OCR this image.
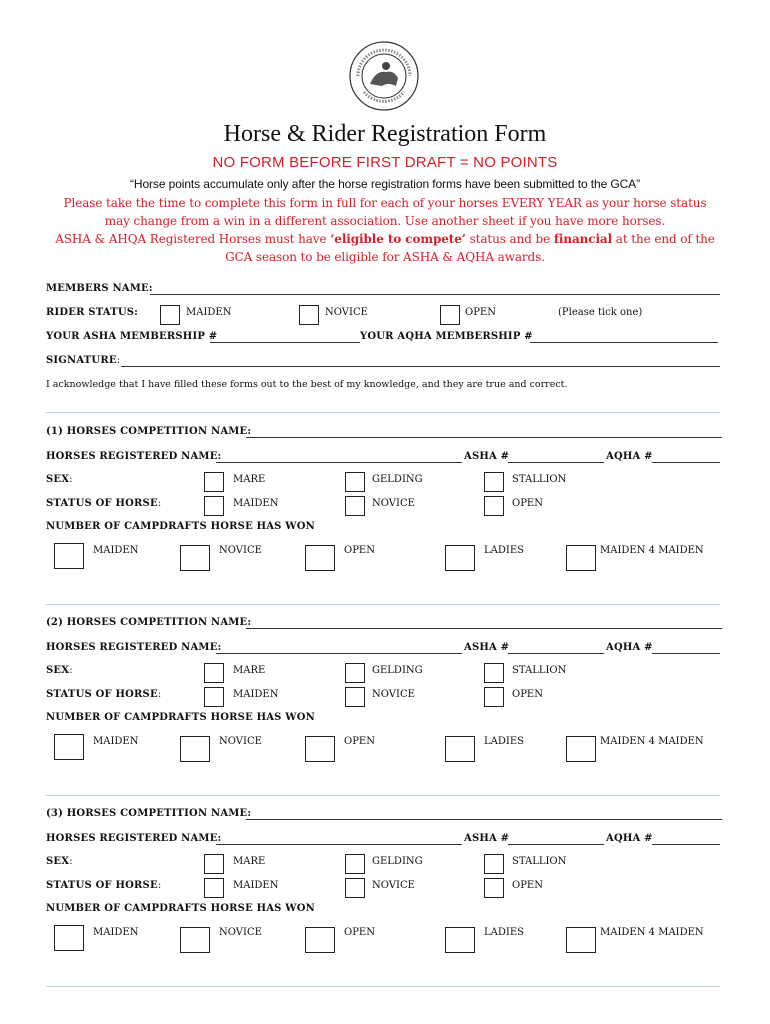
Horse & Rider Registration Form
NO FORM BEFORE FIRST DRAFT = NO POINTS
“Horse points accumulate only after the horse registration forms have been submitted to the GCA”
Please take the time to complete this form in full for each of your horses EVERY YEAR as your horse status
may change from a win in a different association. Use another sheet if you have more horses.
ASHA & AHQA Registered Horses must have ‘eligible to compete’ status and be financial at the end of the
GCA season to be eligible for ASHA & AQHA awards.
MEMBERS NAME:
RIDER STATUS:	MAIDEN	NOVICE	OPEN	(Please tick one)
YOUR ASHA MEMBERSHIP #	YOUR AQHA MEMBERSHIP #
SIGNATURE:
I acknowledge that I have filled these forms out to the best of my knowledge, and they are true and correct.
(1) HORSES COMPETITION NAME:
HORSES REGISTERED NAME:	ASHA #	AQHA #
SEX:	MARE	GELDING	STALLION
STATUS OF HORSE:	MAIDEN	NOVICE	OPEN
NUMBER OF CAMPDRAFTS HORSE HAS WON
MAIDEN	NOVICE	OPEN	LADIES	MAIDEN 4 MAIDEN
(2) HORSES COMPETITION NAME:
HORSES REGISTERED NAME:	ASHA #	AQHA #
SEX:	MARE	GELDING	STALLION
STATUS OF HORSE:	MAIDEN	NOVICE	OPEN
NUMBER OF CAMPDRAFTS HORSE HAS WON
MAIDEN	NOVICE	OPEN	LADIES	MAIDEN 4 MAIDEN
(3) HORSES COMPETITION NAME:
HORSES REGISTERED NAME:	ASHA #	AQHA #
SEX:	MARE	GELDING	STALLION
STATUS OF HORSE:	MAIDEN	NOVICE	OPEN
NUMBER OF CAMPDRAFTS HORSE HAS WON
MAIDEN	NOVICE	OPEN	LADIES	MAIDEN 4 MAIDEN
